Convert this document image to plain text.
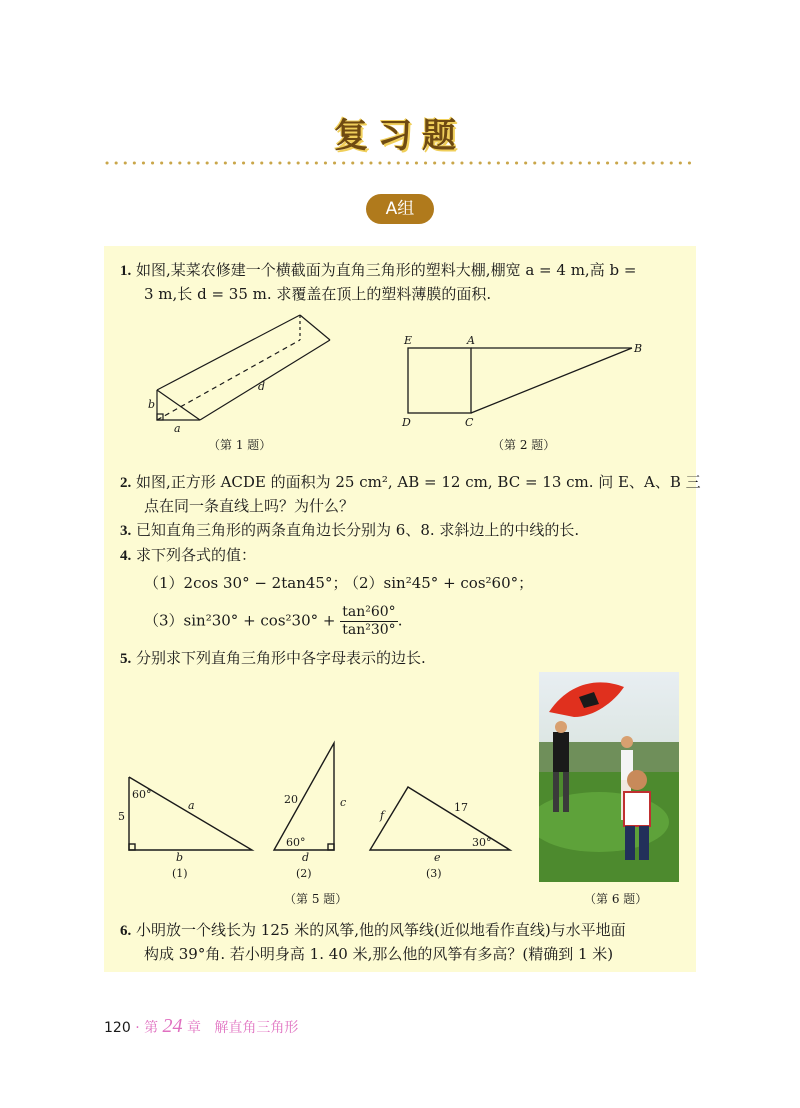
复习题
A组
1. 如图,某菜农修建一个横截面为直角三角形的塑料大棚,棚宽 a = 4 m,高 b =
3 m,长 d = 35 m. 求覆盖在顶上的塑料薄膜的面积.
b
a
d
（第 1 题）
E	A
B
D	C
（第 2 题）
2. 如图,正方形 ACDE 的面积为 25 cm², AB = 12 cm, BC = 13 cm. 问 E、A、B 三
点在同一条直线上吗？为什么？
3. 已知直角三角形的两条直角边长分别为 6、8. 求斜边上的中线的长.
4. 求下列各式的值：
（1）2cos 30° − 2tan45°；
（2）sin²45° + cos²60°；
$(3)\sin^230^\circ + \cos^230^\circ + \frac{\text{tan²60°}}{\text{tan²30°}}$ .
5. 分别求下列直角三角形中各字母表示的边长.
60°
5
a
b
(1)
20
60°
c
d
(2)
f
17
30°
e
(3)
（第 5 题）	（第 6 题）
6. 小明放一个线长为 125 米的风筝,他的风筝线(近似地看作直线)与水平地面
构成 39°角. 若小明身高 1. 40 米,那么他的风筝有多高？(精确到 1 米)
120 · 第 24 章 解直角三角形
